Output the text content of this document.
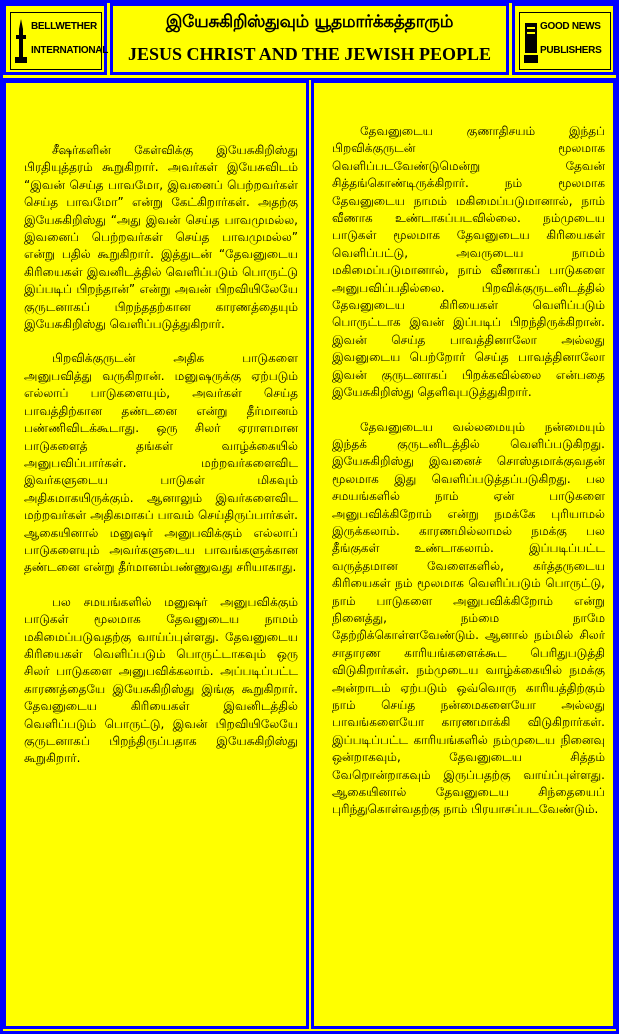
BELLWETHER
INTERNATIONAL
இயேசுகிறிஸ்துவும் யூதமார்க்கத்தாரும்
JESUS CHRIST AND THE JEWISH PEOPLE
GOOD NEWS
PUBLISHERS

சீஷர்களின் கேள்விக்கு இயேசுகிறிஸ்து பிரதியுத்தரம் கூறுகிறார். அவர்கள் இயேசுவிடம் “இவன் செய்த பாவமோ, இவனைப் பெற்றவர்கள் செய்த பாவமோ” என்று கேட்கிறார்கள். அதற்கு இயேசுகிறிஸ்து “அது இவன் செய்த பாவமுமல்ல, இவனைப் பெற்றவர்கள் செய்த பாவமுமல்ல” என்று பதில் கூறுகிறார். இத்துடன் “தேவனுடைய கிரியைகள் இவனிடத்தில் வெளிப்படும் பொருட்டு இப்படிப் பிறந்தான்” என்று அவன் பிறவியிலேயே குருடனாகப் பிறந்ததற்கான காரணத்தையும் இயேசுகிறிஸ்து வெளிப்படுத்துகிறார்.

பிறவிக்குருடன் அதிக பாடுகளை அனுபவித்து வருகிறான். மனுஷருக்கு ஏற்படும் எல்லாப் பாடுகளையும், அவர்கள் செய்த பாவத்திற்கான தண்டனை என்று தீர்மானம் பண்ணிவிடக்கூடாது. ஒரு சிலர் ஏராளமான பாடுகளைத் தங்கள் வாழ்க்கையில் அனுபவிப்பார்கள். மற்றவர்களைவிட இவர்களுடைய பாடுகள் மிகவும் அதிகமாகயிருக்கும். ஆனாலும் இவர்களைவிட மற்றவர்கள் அதிகமாகப் பாவம் செய்திருப்பார்கள். ஆகையினால் மனுஷர் அனுபவிக்கும் எல்லாப் பாடுகளையும் அவர்களுடைய பாவங்களுக்கான தண்டனை என்று தீர்மானம்பண்ணுவது சரியாகாது.

பல சமயங்களில் மனுஷர் அனுபவிக்கும் பாடுகள் மூலமாக தேவனுடைய நாமம் மகிமைப்படுவதற்கு வாய்ப்புள்ளது. தேவனுடைய கிரியைகள் வெளிப்படும் பொருட்டாகவும் ஒரு சிலர் பாடுகளை அனுபவிக்கலாம். அப்படிப்பட்ட காரணத்தையே இயேசுகிறிஸ்து இங்கு கூறுகிறார். தேவனுடைய கிரியைகள் இவனிடத்தில் வெளிப்படும் பொருட்டு, இவன் பிறவியிலேயே குருடனாகப் பிறந்திருப்பதாக இயேசுகிறிஸ்து கூறுகிறார்.

தேவனுடைய குணாதிசயம் இந்தப் பிறவிக்குருடன் மூலமாக வெளிப்படவேண்டுமென்று தேவன் சித்தங்கொண்டிருக்கிறார். நம் மூலமாக தேவனுடைய நாமம் மகிமைப்படுமானால், நாம் வீணாக உண்டாகப்படவில்லை. நம்முடைய பாடுகள் மூலமாக தேவனுடைய கிரியைகள் வெளிப்பட்டு, அவருடைய நாமம் மகிமைப்படுமானால், நாம் வீணாகப் பாடுகளை அனுபவிப்பதில்லை. பிறவிக்குருடனிடத்தில் தேவனுடைய கிரியைகள் வெளிப்படும் பொருட்டாக இவன் இப்படிப் பிறந்திருக்கிறான். இவன் செய்த பாவத்தினாலோ அல்லது இவனுடைய பெற்றோர் செய்த பாவத்தினாலோ இவன் குருடனாகப் பிறக்கவில்லை என்பதை இயேசுகிறிஸ்து தெளிவுபடுத்துகிறார்.

தேவனுடைய வல்லமையும் நன்மையும் இந்தக் குருடனிடத்தில் வெளிப்படுகிறது. இயேசுகிறிஸ்து இவனைச் சொஸ்தமாக்குவதன் மூலமாக இது வெளிப்படுத்தப்படுகிறது. பல சமயங்களில் நாம் ஏன் பாடுகளை அனுபவிக்கிறோம் என்று நமக்கே புரியாமல் இருக்கலாம். காரணமில்லாமல் நமக்கு பல தீங்குகள் உண்டாகலாம். இப்படிப்பட்ட வருத்தமான வேளைகளில், கர்த்தருடைய கிரியைகள் நம் மூலமாக வெளிப்படும் பொருட்டு, நாம் பாடுகளை அனுபவிக்கிறோம் என்று நினைத்து, நம்மை நாமே தேற்றிக்கொள்ளவேண்டும். ஆனால் நம்மில் சிலர் சாதாரண காரியங்களைக்கூட பெரிதுபடுத்தி விடுகிறார்கள். நம்முடைய வாழ்க்கையில் நமக்கு அன்றாடம் ஏற்படும் ஒவ்வொரு காரியத்திற்கும் நாம் செய்த நன்மைகளையோ அல்லது பாவங்களையோ காரணமாக்கி விடுகிறார்கள். இப்படிப்பட்ட காரியங்களில் நம்முடைய நினைவு ஒன்றாகவும், தேவனுடைய சித்தம் வேறொன்றாகவும் இருப்பதற்கு வாய்ப்புள்ளது. ஆகையினால் தேவனுடைய சிந்தையைப் புரிந்துகொள்வதற்கு நாம் பிரயாசப்படவேண்டும்.
